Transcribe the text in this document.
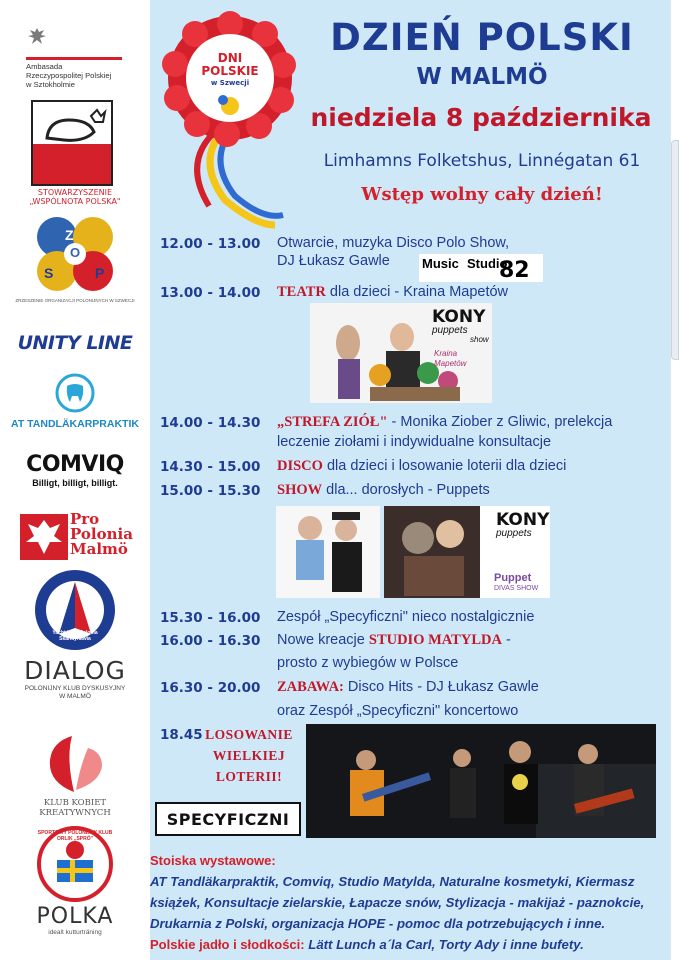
Ambasada
Rzeczypospolitej Polskiej
w Sztokholmie
STOWARZYSZENIE
„WSPÓLNOTA POLSKA"
Z
O
P
S
ZRZESZENIE ORGANIZACJI POLONIJNYCH W SZWECJI
UNITY LINE
AT TANDLÄKARPRAKTIK
COMVIQ
Billigt, billigt, billigt.
Pro
Polonia
Malmö
Yacht Klub Polonia Skandynawia
DIALOG
POLONIJNY KLUB DYSKUSYJNY
W MALMÖ
KLUB KOBIET
KREATYWNYCH
SPORTOWY POLONIJNY KLUB ORLIK „SPRÖ"
POLKA
idealt kutturträning
DNI
POLSKIE
w Szwecji
DZIEŃ POLSKI
W MALMÖ
niedziela 8 października
Limhamns Folketshus, Linnégatan 61
Wstęp wolny cały dzień!
12.00 - 13.00 Otwarcie, muzyka Disco Polo Show,
DJ Łukasz Gawle Music Studio
82
13.00 - 14.00 TEATR dla dzieci - Kraina Mapetów
KONY
puppets
show
Kraina Mapetów
14.00 - 14.30 „STREFA ZIÓŁ" - Monika Ziober z Gliwic, prelekcja
leczenie ziołami i indywidualne konsultacje
14.30 - 15.00 DISCO dla dzieci i losowanie loterii dla dzieci
15.00 - 15.30 SHOW dla... dorosłych - Puppets
KONY
puppets
Puppet
DIVAS SHOW
15.30 - 16.00 Zespół „Specyficzni" nieco nostalgicznie
16.00 - 16.30 Nowe kreacje STUDIO MATYLDA -
prosto z wybiegów w Polsce
16.30 - 20.00 ZABAWA: Disco Hits - DJ Łukasz Gawle
oraz Zespół „Specyficzni" koncertowo
18.45 LOSOWANIE
WIELKIEJ
LOTERII!
SPECYFICZNI
Stoiska wystawowe:
AT Tandläkarpraktik, Comviq, Studio Matylda, Naturalne kosmetyki, Kiermasz książek, Konsultacje zielarskie, Łapacze snów, Stylizacja - makijaż - paznokcie, Drukarnia z Polski, organizacja HOPE - pomoc dla potrzebujących i inne.
Polskie jadło i słodkości: Lätt Lunch a´la Carl, Torty Ady i inne bufety.
